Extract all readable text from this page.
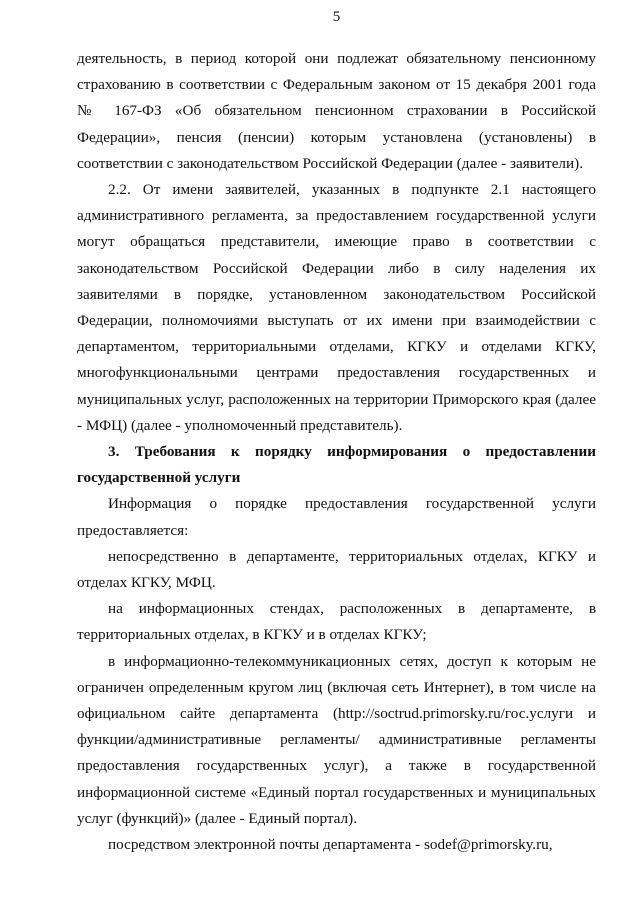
5

деятельность, в период которой они подлежат обязательному пенсионному страхованию в соответствии с Федеральным законом от 15 декабря 2001 года № 167-ФЗ «Об обязательном пенсионном страховании в Российской Федерации», пенсия (пенсии) которым установлена (установлены) в соответствии с законодательством Российской Федерации (далее - заявители).

2.2. От имени заявителей, указанных в подпункте 2.1 настоящего административного регламента, за предоставлением государственной услуги могут обращаться представители, имеющие право в соответствии с законодательством Российской Федерации либо в силу наделения их заявителями в порядке, установленном законодательством Российской Федерации, полномочиями выступать от их имени при взаимодействии с департаментом, территориальными отделами, КГКУ и отделами КГКУ, многофункциональными центрами предоставления государственных и муниципальных услуг, расположенных на территории Приморского края (далее - МФЦ) (далее - уполномоченный представитель).

3. Требования к порядку информирования о предоставлении государственной услуги

Информация о порядке предоставления государственной услуги предоставляется:

непосредственно в департаменте, территориальных отделах, КГКУ и отделах КГКУ, МФЦ.

на информационных стендах, расположенных в департаменте, в территориальных отделах, в КГКУ и в отделах КГКУ;

в информационно-телекоммуникационных сетях, доступ к которым не ограничен определенным кругом лиц (включая сеть Интернет), в том числе на официальном сайте департамента (http://soctrud.primorsky.ru/гос.услуги и функции/административные регламенты/ административные регламенты предоставления государственных услуг), а также в государственной информационной системе «Единый портал государственных и муниципальных услуг (функций)» (далее - Единый портал).

посредством электронной почты департамента - sodef@primorsky.ru,
